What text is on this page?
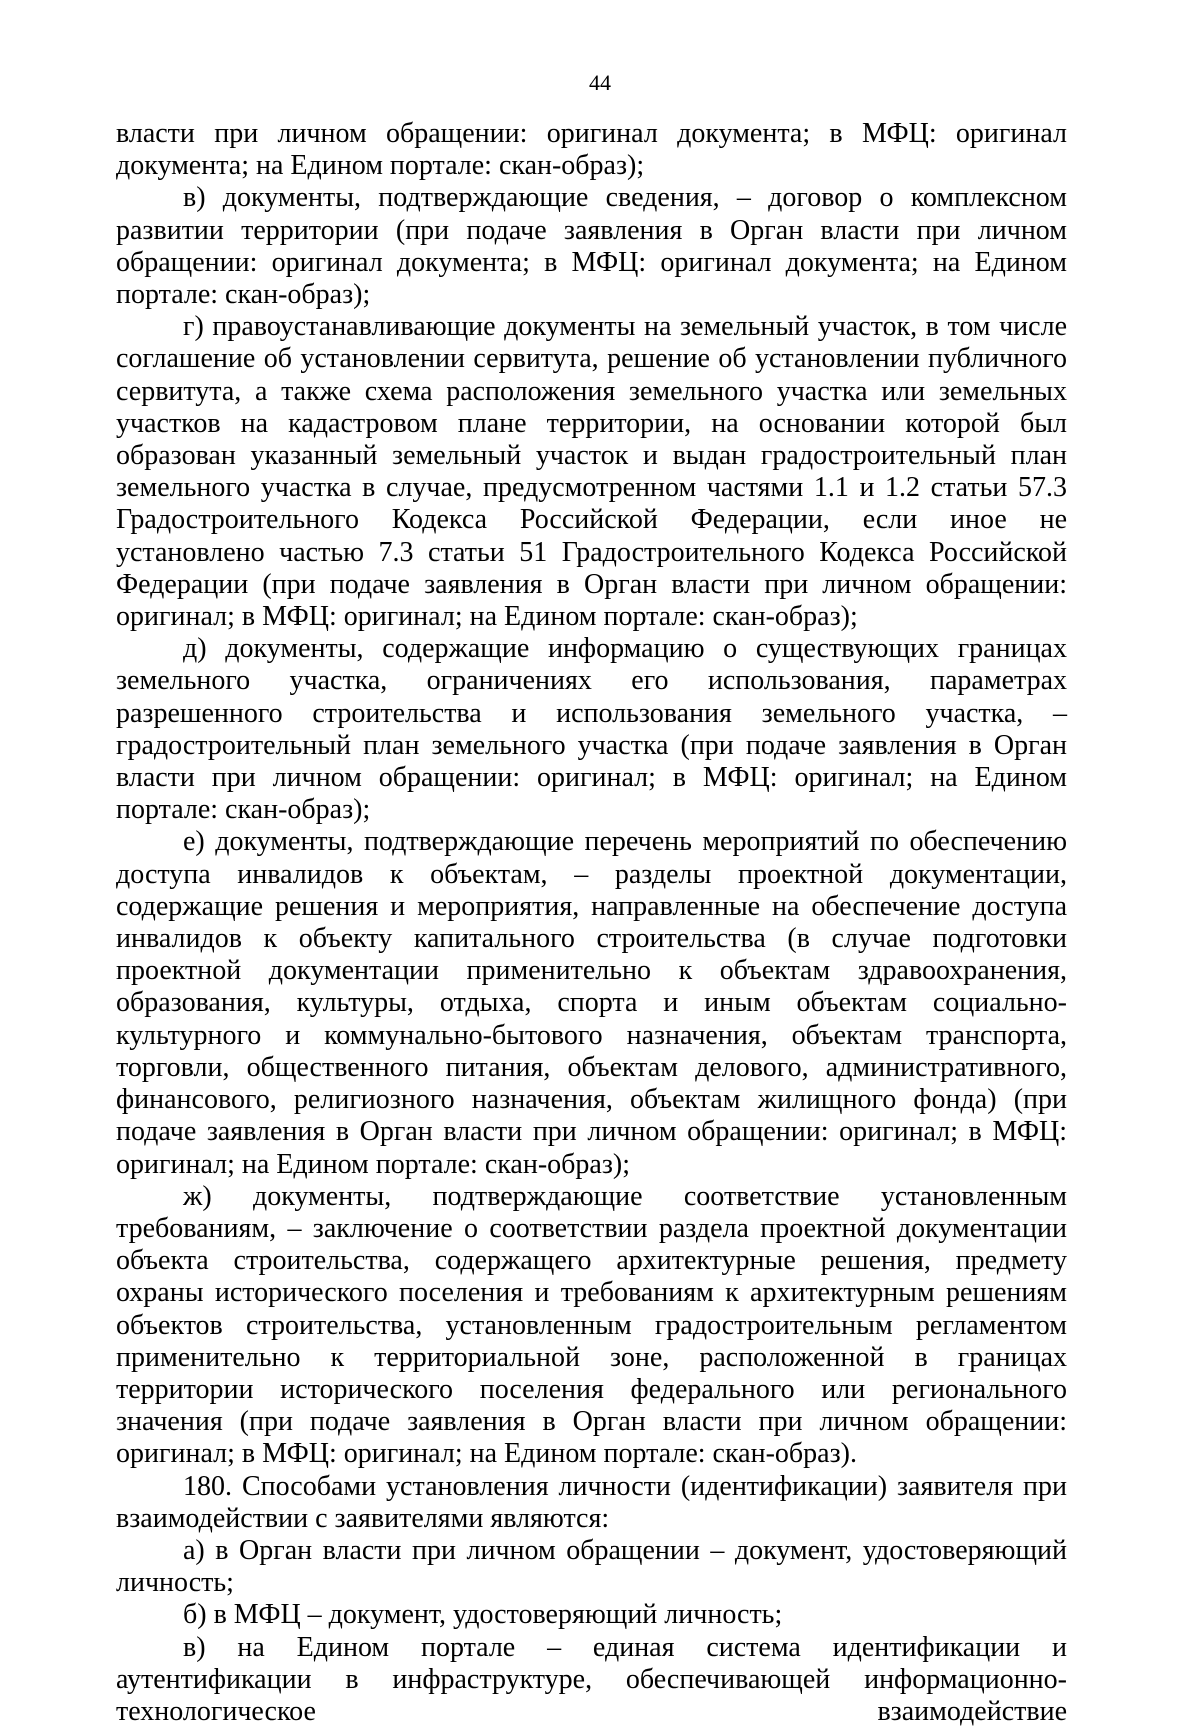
44

власти при личном обращении: оригинал документа; в МФЦ: оригинал документа; на Едином портале: скан-образ);

в) документы, подтверждающие сведения, – договор о комплексном развитии территории (при подаче заявления в Орган власти при личном обращении: оригинал документа; в МФЦ: оригинал документа; на Едином портале: скан-образ);

г) правоустанавливающие документы на земельный участок, в том числе соглашение об установлении сервитута, решение об установлении публичного сервитута, а также схема расположения земельного участка или земельных участков на кадастровом плане территории, на основании которой был образован указанный земельный участок и выдан градостроительный план земельного участка в случае, предусмотренном частями 1.1 и 1.2 статьи 57.3 Градостроительного Кодекса Российской Федерации, если иное не установлено частью 7.3 статьи 51 Градостроительного Кодекса Российской Федерации (при подаче заявления в Орган власти при личном обращении: оригинал; в МФЦ: оригинал; на Едином портале: скан-образ);

д) документы, содержащие информацию о существующих границах земельного участка, ограничениях его использования, параметрах разрешенного строительства и использования земельного участка, – градостроительный план земельного участка (при подаче заявления в Орган власти при личном обращении: оригинал; в МФЦ: оригинал; на Едином портале: скан-образ);

е) документы, подтверждающие перечень мероприятий по обеспечению доступа инвалидов к объектам, – разделы проектной документации, содержащие решения и мероприятия, направленные на обеспечение доступа инвалидов к объекту капитального строительства (в случае подготовки проектной документации применительно к объектам здравоохранения, образования, культуры, отдыха, спорта и иным объектам социально-культурного и коммунально-бытового назначения, объектам транспорта, торговли, общественного питания, объектам делового, административного, финансового, религиозного назначения, объектам жилищного фонда) (при подаче заявления в Орган власти при личном обращении: оригинал; в МФЦ: оригинал; на Едином портале: скан-образ);

ж) документы, подтверждающие соответствие установленным требованиям, – заключение о соответствии раздела проектной документации объекта строительства, содержащего архитектурные решения, предмету охраны исторического поселения и требованиям к архитектурным решениям объектов строительства, установленным градостроительным регламентом применительно к территориальной зоне, расположенной в границах территории исторического поселения федерального или регионального значения (при подаче заявления в Орган власти при личном обращении: оригинал; в МФЦ: оригинал; на Едином портале: скан-образ).

180. Способами установления личности (идентификации) заявителя при взаимодействии с заявителями являются:

а) в Орган власти при личном обращении – документ, удостоверяющий личность;

б) в МФЦ – документ, удостоверяющий личность;

в) на Едином портале – единая система идентификации и аутентификации в инфраструктуре, обеспечивающей информационно-технологическое взаимодействие
